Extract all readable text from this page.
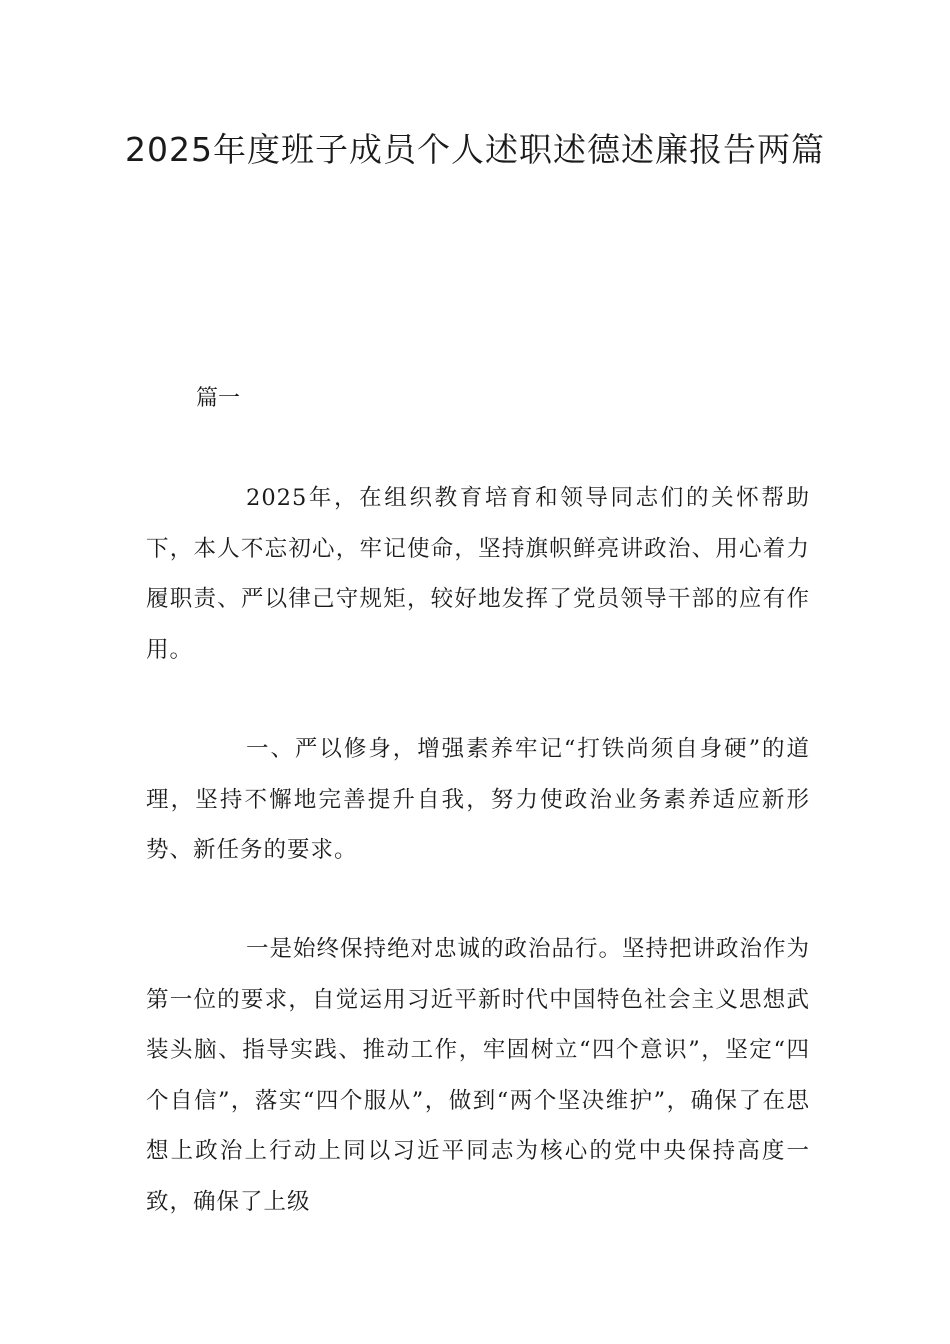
2025年度班子成员个人述职述德述廉报告两篇

篇一

2025年，在组织教育培育和领导同志们的关怀帮助下，本人不忘初心，牢记使命，坚持旗帜鲜亮讲政治、用心着力履职责、严以律己守规矩，较好地发挥了党员领导干部的应有作用。

一、严以修身，增强素养牢记“打铁尚须自身硬”的道理，坚持不懈地完善提升自我，努力使政治业务素养适应新形势、新任务的要求。

一是始终保持绝对忠诚的政治品行。坚持把讲政治作为第一位的要求，自觉运用习近平新时代中国特色社会主义思想武装头脑、指导实践、推动工作，牢固树立“四个意识”，坚定“四个自信”，落实“四个服从”，做到“两个坚决维护”，确保了在思想上政治上行动上同以习近平同志为核心的党中央保持高度一致，确保了上级
